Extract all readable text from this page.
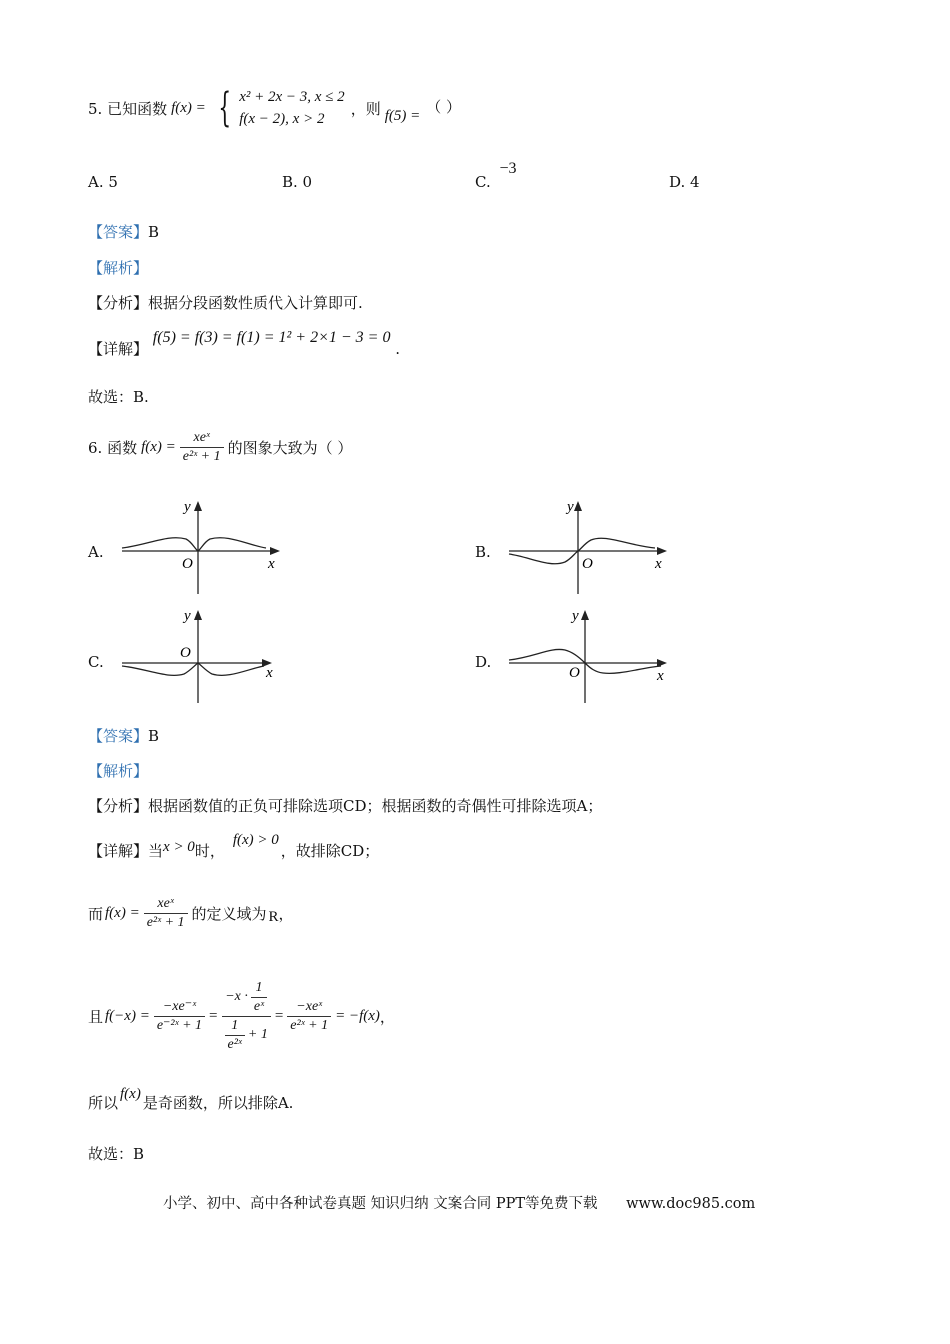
5. 已知函数 f(x) = { x² + 2x − 3, x ≤ 2
f(x − 2), x > 2
，则 f(5) = （ ）
A. 5	B. 0	C. −3
D. 4
【答案】B
【解析】
【分析】根据分段函数性质代入计算即可.
【详解】 f(5) = f(3) = f(1) = 1² + 2×1 − 3 = 0 .
故选：B.
6. 函数 $f(x) = \frac{\text{xeˣ}}{\text{e²ˣ + 1}}$ 的图象大致为（ ）
A.
y
O	x
B.
y
O	x
C.
y
O
x
D.
y
O	x
【答案】B
【解析】
【分析】根据函数值的正负可排除选项CD；根据函数的奇偶性可排除选项A；
【详解】 当 x > 0 时，
f(x) > 0
，故排除CD；
而 $f(x) = \frac{\text{xeˣ}}{\text{e²ˣ + 1}}$ 的定义域为 R ，
且 $f(-x) = \frac{\text{−xe⁻ˣ}}{\text{e⁻²ˣ + 1}} = \frac{-x \cdot \frac{1}{\text{eˣ}}}{\frac{1}{\text{e²ˣ}} + 1} = \frac{\text{−xeˣ}}{\text{e²ˣ + 1}} = -f(x)$ ，
所以 f(x) 是奇函数，所以排除A.
故选：B
小学、初中、高中各种试卷真题 知识归纳 文案合同 PPT等免费下载 www.doc985.com
